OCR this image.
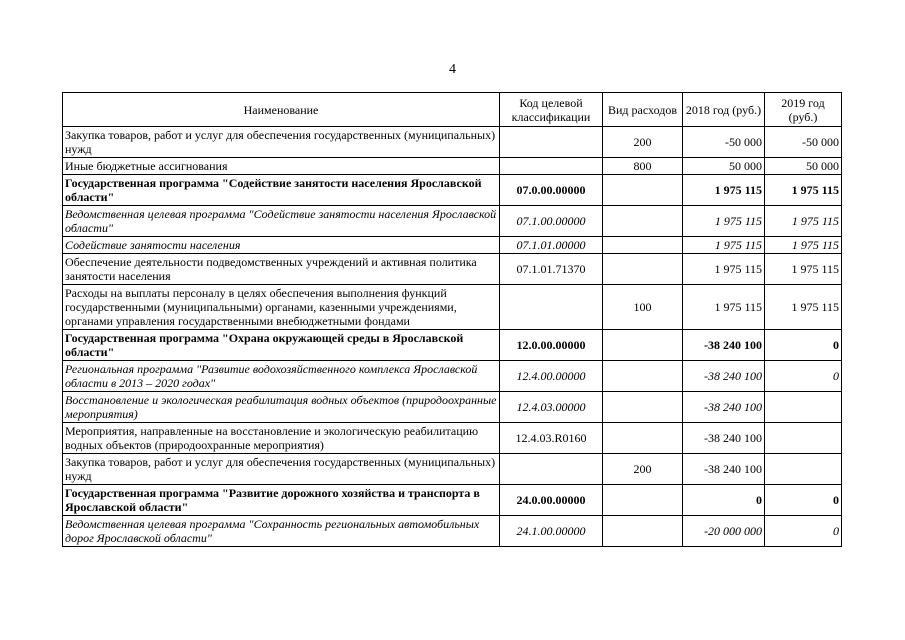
4
Наименование	Код целевой классификации	Вид расходов	2018 год (руб.)	2019 год (руб.)
Закупка товаров, работ и услуг для обеспечения государственных (муниципальных) нужд		200	-50 000	-50 000
Иные бюджетные ассигнования		800	50 000	50 000
Государственная программа "Содействие занятости населения Ярославской области"	07.0.00.00000		1 975 115	1 975 115
Ведомственная целевая программа "Содействие занятости населения Ярославской области"	07.1.00.00000		1 975 115	1 975 115
Содействие занятости населения	07.1.01.00000		1 975 115	1 975 115
Обеспечение деятельности подведомственных учреждений и активная политика занятости населения	07.1.01.71370		1 975 115	1 975 115
Расходы на выплаты персоналу в целях обеспечения выполнения функций государственными (муниципальными) органами, казенными учреждениями, органами управления государственными внебюджетными фондами		100	1 975 115	1 975 115
Государственная программа "Охрана окружающей среды в Ярославской области"	12.0.00.00000		-38 240 100	0
Региональная программа "Развитие водохозяйственного комплекса Ярославской области в 2013 – 2020 годах"	12.4.00.00000		-38 240 100	0
Восстановление и экологическая реабилитация водных объектов (природоохранные мероприятия)	12.4.03.00000		-38 240 100	
Мероприятия, направленные на восстановление и экологическую реабилитацию водных объектов (природоохранные мероприятия)	12.4.03.R0160		-38 240 100	
Закупка товаров, работ и услуг для обеспечения государственных (муниципальных) нужд		200	-38 240 100	
Государственная программа "Развитие дорожного хозяйства и транспорта в Ярославской области"	24.0.00.00000		0	0
Ведомственная целевая программа "Сохранность региональных автомобильных дорог Ярославской области"	24.1.00.00000		-20 000 000	0
